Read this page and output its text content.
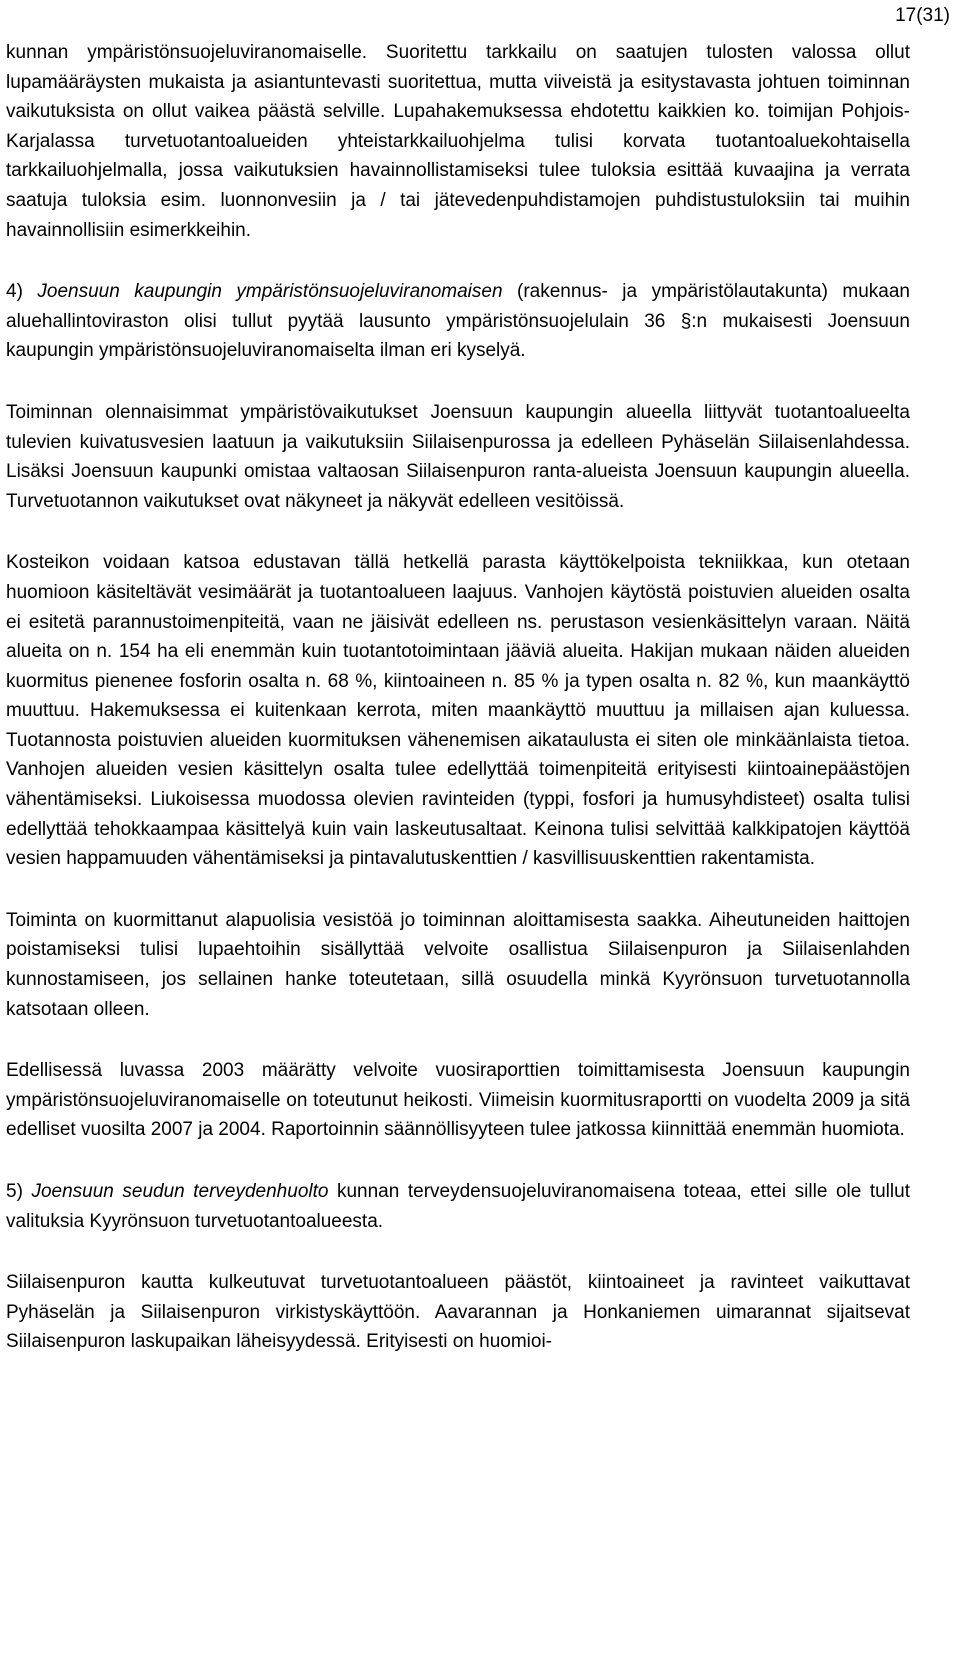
17(31)

kunnan ympäristönsuojeluviranomaiselle. Suoritettu tarkkailu on saatujen tulosten valossa ollut lupamääräysten mukaista ja asiantuntevasti suoritettua, mutta viiveistä ja esitystavasta johtuen toiminnan vaikutuksista on ollut vaikea päästä selville. Lupahakemuksessa ehdotettu kaikkien ko. toimijan Pohjois-Karjalassa turvetuotantoalueiden yhteistarkkailuohjelma tulisi korvata tuotantoaluekohtaisella tarkkailuohjelmalla, jossa vaikutuksien havainnollistamiseksi tulee tuloksia esittää kuvaajina ja verrata saatuja tuloksia esim. luonnonvesiin ja / tai jätevedenpuhdistamojen puhdistustuloksiin tai muihin havainnollisiin esimerkkeihin.

4) Joensuun kaupungin ympäristönsuojeluviranomaisen (rakennus- ja ympäristölautakunta) mukaan aluehallintoviraston olisi tullut pyytää lausunto ympäristönsuojelulain 36 §:n mukaisesti Joensuun kaupungin ympäristönsuojeluviranomaiselta ilman eri kyselyä.

Toiminnan olennaisimmat ympäristövaikutukset Joensuun kaupungin alueella liittyvät tuotantoalueelta tulevien kuivatusvesien laatuun ja vaikutuksiin Siilaisenpurossa ja edelleen Pyhäselän Siilaisenlahdessa. Lisäksi Joensuun kaupunki omistaa valtaosan Siilaisenpuron ranta-alueista Joensuun kaupungin alueella. Turvetuotannon vaikutukset ovat näkyneet ja näkyvät edelleen vesitöissä.

Kosteikon voidaan katsoa edustavan tällä hetkellä parasta käyttökelpoista tekniikkaa, kun otetaan huomioon käsiteltävät vesimäärät ja tuotantoalueen laajuus. Vanhojen käytöstä poistuvien alueiden osalta ei esitetä parannustoimenpiteitä, vaan ne jäisivät edelleen ns. perustason vesienkäsittelyn varaan. Näitä alueita on n. 154 ha eli enemmän kuin tuotantotoimintaan jääviä alueita. Hakijan mukaan näiden alueiden kuormitus pienenee fosforin osalta n. 68 %, kiintoaineen n. 85 % ja typen osalta n. 82 %, kun maankäyttö muuttuu. Hakemuksessa ei kuitenkaan kerrota, miten maankäyttö muuttuu ja millaisen ajan kuluessa. Tuotannosta poistuvien alueiden kuormituksen vähenemisen aikataulusta ei siten ole minkäänlaista tietoa. Vanhojen alueiden vesien käsittelyn osalta tulee edellyttää toimenpiteitä erityisesti kiintoainepäästöjen vähentämiseksi. Liukoisessa muodossa olevien ravinteiden (typpi, fosfori ja humusyhdisteet) osalta tulisi edellyttää tehokkaampaa käsittelyä kuin vain laskeutusaltaat. Keinona tulisi selvittää kalkkipatojen käyttöä vesien happamuuden vähentämiseksi ja pintavalutuskenttien / kasvillisuuskenttien rakentamista.

Toiminta on kuormittanut alapuolisia vesistöä jo toiminnan aloittamisesta saakka. Aiheutuneiden haittojen poistamiseksi tulisi lupaehtoihin sisällyttää velvoite osallistua Siilaisenpuron ja Siilaisenlahden kunnostamiseen, jos sellainen hanke toteutetaan, sillä osuudella minkä Kyyrönsuon turvetuotannolla katsotaan olleen.

Edellisessä luvassa 2003 määrätty velvoite vuosiraporttien toimittamisesta Joensuun kaupungin ympäristönsuojeluviranomaiselle on toteutunut heikosti. Viimeisin kuormitusraportti on vuodelta 2009 ja sitä edelliset vuosilta 2007 ja 2004. Raportoinnin säännöllisyyteen tulee jatkossa kiinnittää enemmän huomiota.

5) Joensuun seudun terveydenhuolto kunnan terveydensuojeluviranomaisena toteaa, ettei sille ole tullut valituksia Kyyrönsuon turvetuotantoalueesta.

Siilaisenpuron kautta kulkeutuvat turvetuotantoalueen päästöt, kiintoaineet ja ravinteet vaikuttavat Pyhäselän ja Siilaisenpuron virkistyskäyttöön. Aavarannan ja Honkaniemen uimarannat sijaitsevat Siilaisenpuron laskupaikan läheisyydessä. Erityisesti on huomioi-
